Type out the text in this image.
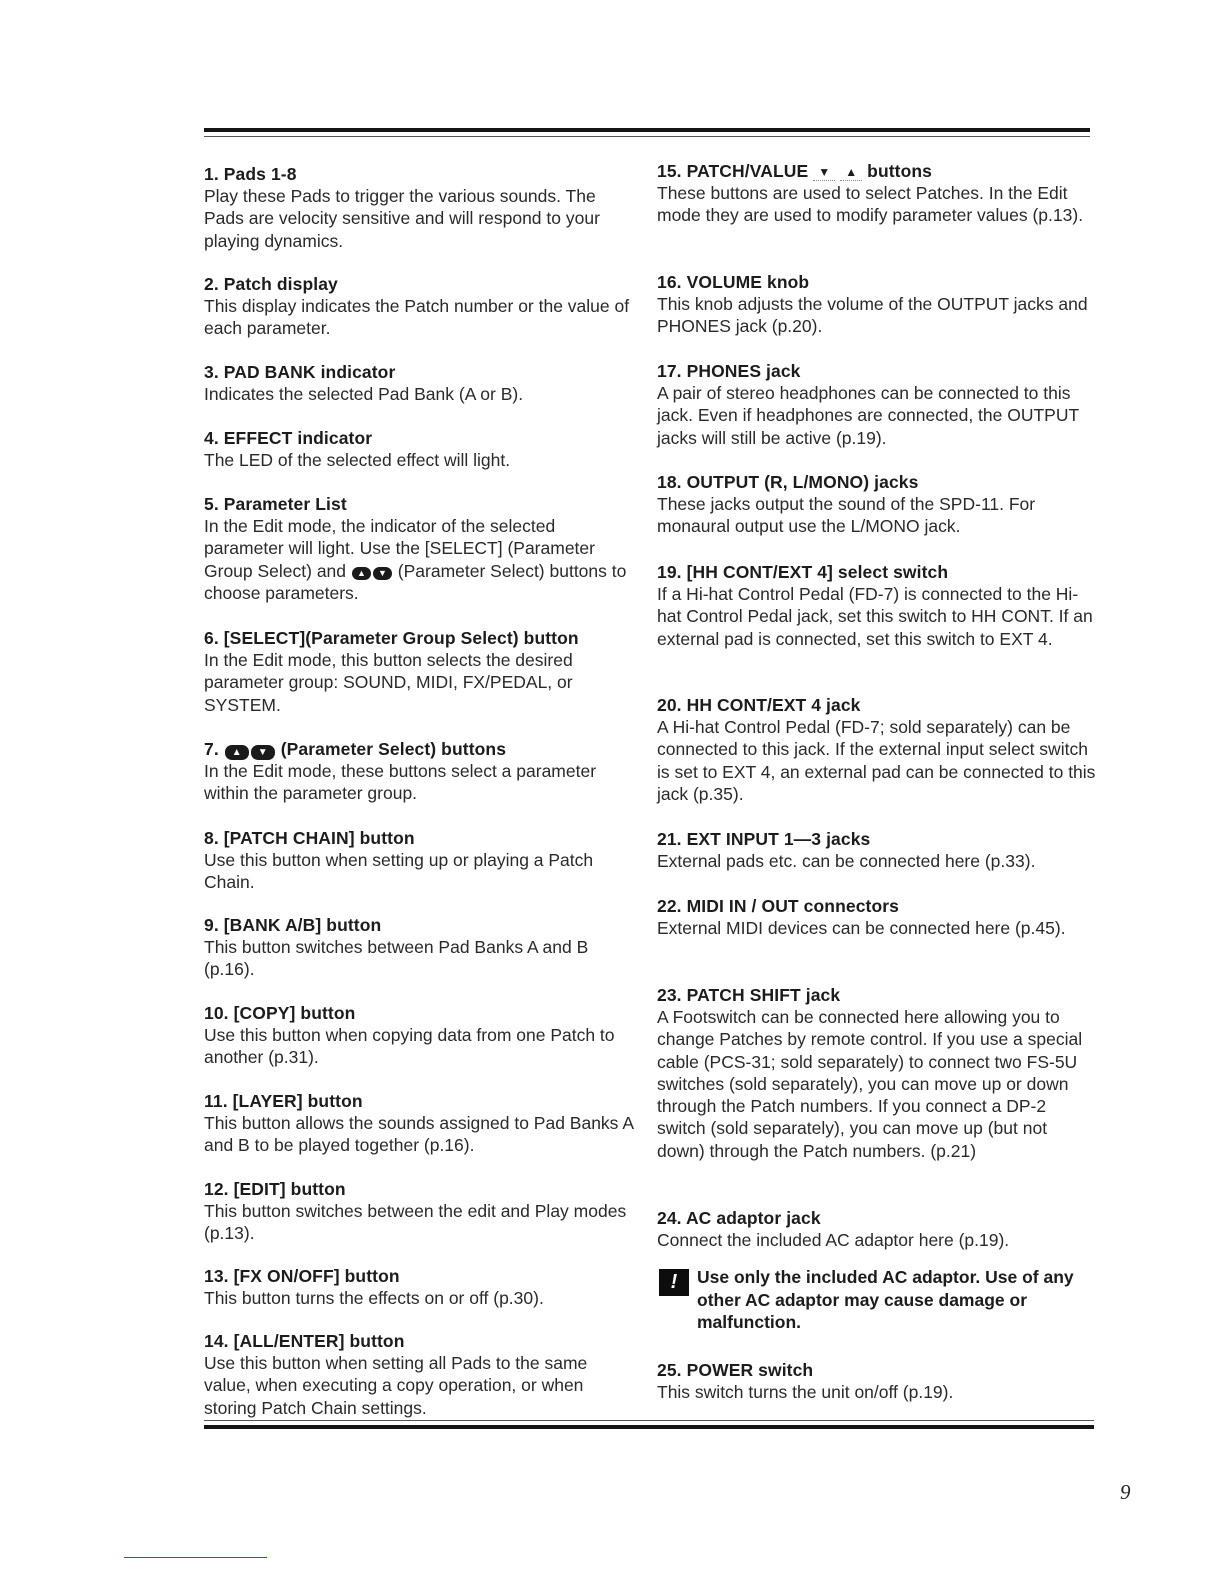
1. Pads 1-8

Play these Pads to trigger the various sounds. The Pads are velocity sensitive and will respond to your playing dynamics.

2. Patch display

This display indicates the Patch number or the value of each parameter.

3. PAD BANK indicator

Indicates the selected Pad Bank (A or B).

4. EFFECT indicator

The LED of the selected effect will light.

5. Parameter List

In the Edit mode, the indicator of the selected parameter will light. Use the [SELECT] (Parameter Group Select) and ▲ ▼ (Parameter Select) buttons to choose parameters.

6. [SELECT](Parameter Group Select) button

In the Edit mode, this button selects the desired parameter group: SOUND, MIDI, FX/PEDAL, or SYSTEM.

7. ▲ ▼ (Parameter Select) buttons

In the Edit mode, these buttons select a parameter within the parameter group.

8. [PATCH CHAIN] button

Use this button when setting up or playing a Patch Chain.

9. [BANK A/B] button

This button switches between Pad Banks A and B (p.16).

10. [COPY] button

Use this button when copying data from one Patch to another (p.31).

11. [LAYER] button

This button allows the sounds assigned to Pad Banks A and B to be played together (p.16).

12. [EDIT] button

This button switches between the edit and Play modes (p.13).

13. [FX ON/OFF] button

This button turns the effects on or off (p.30).

14. [ALL/ENTER] button

Use this button when setting all Pads to the same value, when executing a copy operation, or when storing Patch Chain settings.

15. PATCH/VALUE ▼ ▲ buttons

These buttons are used to select Patches. In the Edit mode they are used to modify parameter values (p.13).

16. VOLUME knob

This knob adjusts the volume of the OUTPUT jacks and PHONES jack (p.20).

17. PHONES jack

A pair of stereo headphones can be connected to this jack. Even if headphones are connected, the OUTPUT jacks will still be active (p.19).

18. OUTPUT (R, L/MONO) jacks

These jacks output the sound of the SPD-11. For monaural output use the L/MONO jack.

19. [HH CONT/EXT 4] select switch

If a Hi-hat Control Pedal (FD-7) is connected to the Hi-hat Control Pedal jack, set this switch to HH CONT. If an external pad is connected, set this switch to EXT 4.

20. HH CONT/EXT 4 jack

A Hi-hat Control Pedal (FD-7; sold separately) can be connected to this jack. If the external input select switch is set to EXT 4, an external pad can be connected to this jack (p.35).

21. EXT INPUT 1—3 jacks

External pads etc. can be connected here (p.33).

22. MIDI IN / OUT connectors

External MIDI devices can be connected here (p.45).

23. PATCH SHIFT jack

A Footswitch can be connected here allowing you to change Patches by remote control. If you use a special cable (PCS-31; sold separately) to connect two FS-5U switches (sold separately), you can move up or down through the Patch numbers. If you connect a DP-2 switch (sold separately), you can move up (but not down) through the Patch numbers. (p.21)

24. AC adaptor jack

Connect the included AC adaptor here (p.19).

!	Use only the included AC adaptor. Use of any other AC adaptor may cause damage or malfunction.
25. POWER switch

This switch turns the unit on/off (p.19).

9
